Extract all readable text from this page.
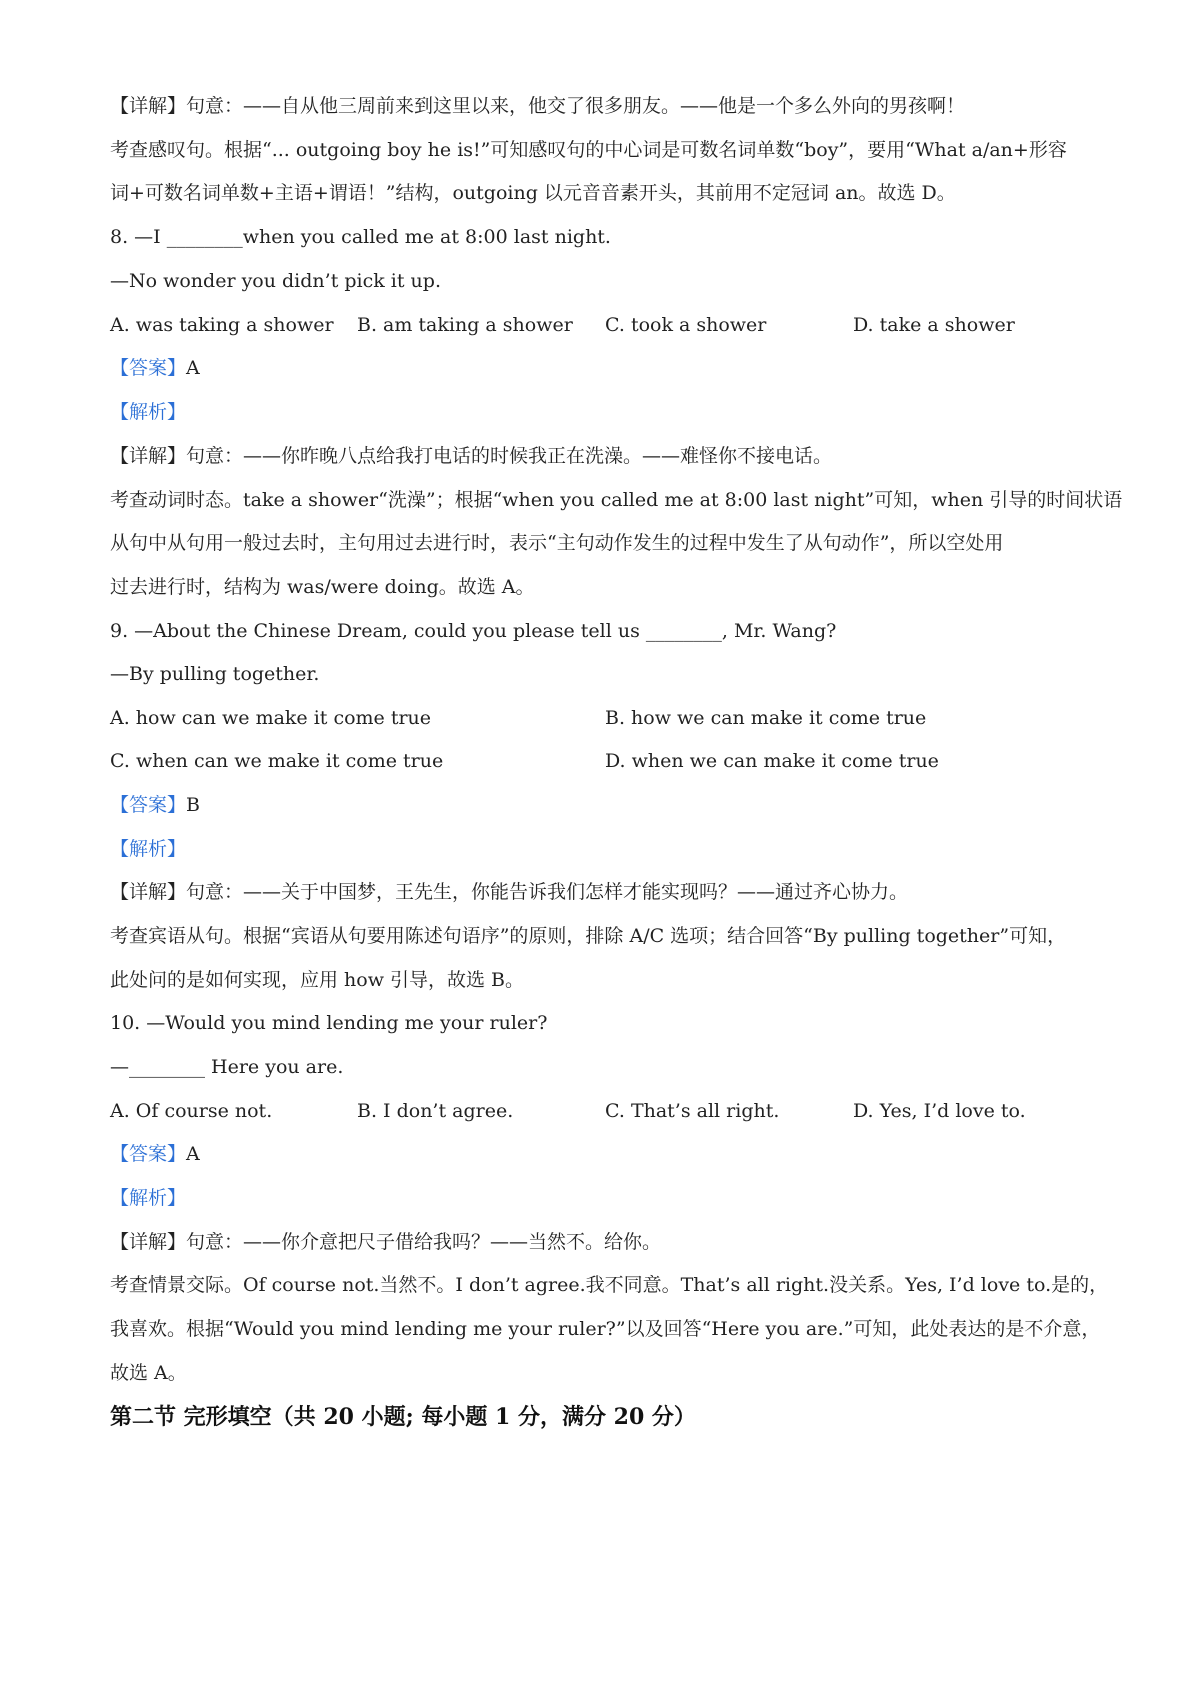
【详解】句意：——自从他三周前来到这里以来，他交了很多朋友。——他是一个多么外向的男孩啊！
考查感叹句。根据“... outgoing boy he is!”可知感叹句的中心词是可数名词单数“boy”，要用“What a/an+形容
词+可数名词单数+主语+谓语！”结构，outgoing 以元音音素开头，其前用不定冠词 an。故选 D。
8. —I ________when you called me at 8:00 last night.
—No wonder you didn’t pick it up.
A. was taking a shower B. am taking a shower C. took a shower	D. take a shower
【答案】A
【解析】
【详解】句意：——你昨晚八点给我打电话的时候我正在洗澡。——难怪你不接电话。
考查动词时态。take a shower“洗澡”；根据“when you called me at 8:00 last night”可知，when 引导的时间状语
从句中从句用一般过去时，主句用过去进行时，表示“主句动作发生的过程中发生了从句动作”，所以空处用
过去进行时，结构为 was/were doing。故选 A。
9. —About the Chinese Dream, could you please tell us ________, Mr. Wang?
—By pulling together.
A. how can we make it come true	B. how we can make it come true
C. when can we make it come true	D. when we can make it come true
【答案】B
【解析】
【详解】句意：——关于中国梦，王先生，你能告诉我们怎样才能实现吗？——通过齐心协力。
考查宾语从句。根据“宾语从句要用陈述句语序”的原则，排除 A/C 选项；结合回答“By pulling together”可知，
此处问的是如何实现，应用 how 引导，故选 B。
10. —Would you mind lending me your ruler?
—________ Here you are.
A. Of course not.	B. I don’t agree.	C. That’s all right.	D. Yes, I’d love to.
【答案】A
【解析】
【详解】句意：——你介意把尺子借给我吗？——当然不。给你。
考查情景交际。Of course not.当然不。I don’t agree.我不同意。That’s all right.没关系。Yes, I’d love to.是的，
我喜欢。根据“Would you mind lending me your ruler?”以及回答“Here you are.”可知，此处表达的是不介意，
故选 A。
第二节 完形填空（共 20 小题; 每小题 1 分，满分 20 分）
